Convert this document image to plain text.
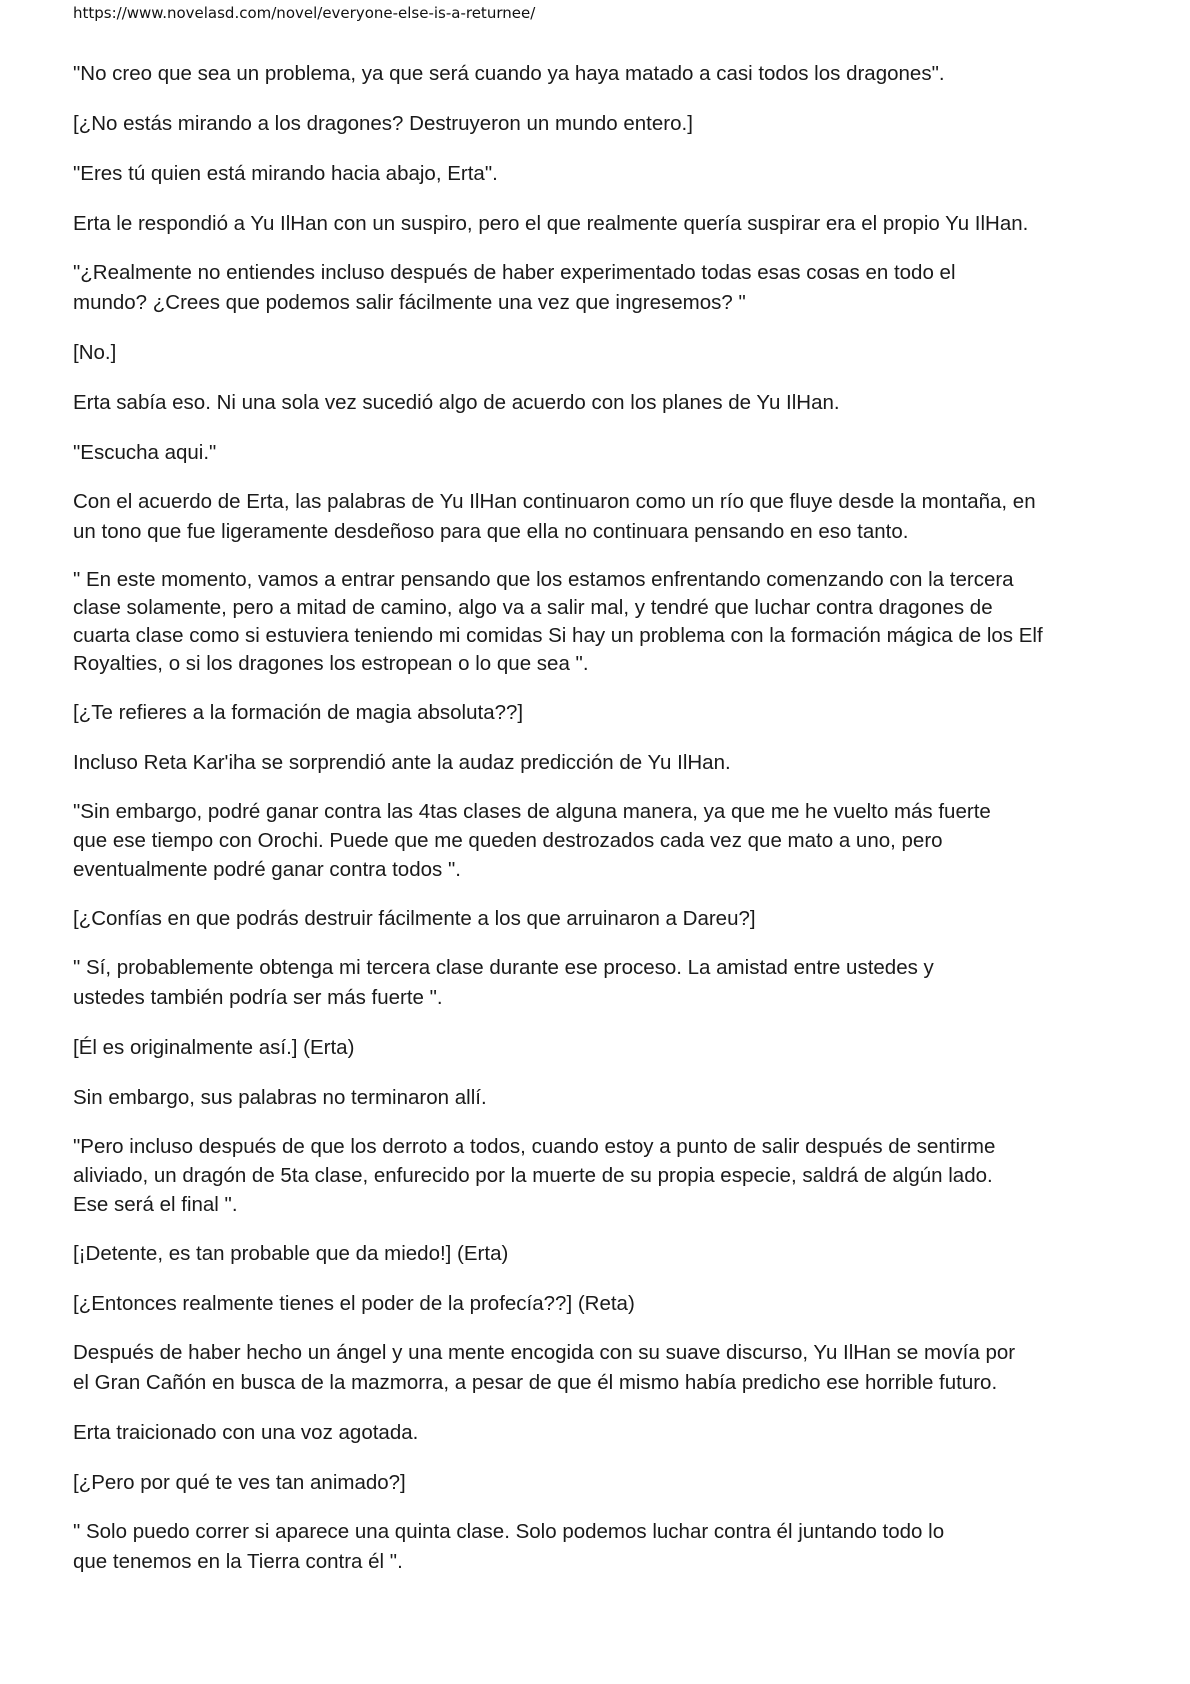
https://www.novelasd.com/novel/everyone-else-is-a-returnee/

"No creo que sea un problema, ya que será cuando ya haya matado a casi todos los dragones".

[¿No estás mirando a los dragones? Destruyeron un mundo entero.]

"Eres tú quien está mirando hacia abajo, Erta".

Erta le respondió a Yu IlHan con un suspiro, pero el que realmente quería suspirar era el propio Yu IlHan.

"¿Realmente no entiendes incluso después de haber experimentado todas esas cosas en todo el
mundo? ¿Crees que podemos salir fácilmente una vez que ingresemos? "

[No.]

Erta sabía eso. Ni una sola vez sucedió algo de acuerdo con los planes de Yu IlHan.

"Escucha aqui."

Con el acuerdo de Erta, las palabras de Yu IlHan continuaron como un río que fluye desde la montaña, en
un tono que fue ligeramente desdeñoso para que ella no continuara pensando en eso tanto.

" En este momento, vamos a entrar pensando que los estamos enfrentando comenzando con la tercera
clase solamente, pero a mitad de camino, algo va a salir mal, y tendré que luchar contra dragones de
cuarta clase como si estuviera teniendo mi comidas Si hay un problema con la formación mágica de los Elf
Royalties, o si los dragones los estropean o lo que sea ".

[¿Te refieres a la formación de magia absoluta??]

Incluso Reta Kar'iha se sorprendió ante la audaz predicción de Yu IlHan.

"Sin embargo, podré ganar contra las 4tas clases de alguna manera, ya que me he vuelto más fuerte
que ese tiempo con Orochi. Puede que me queden destrozados cada vez que mato a uno, pero
eventualmente podré ganar contra todos ".

[¿Confías en que podrás destruir fácilmente a los que arruinaron a Dareu?]

" Sí, probablemente obtenga mi tercera clase durante ese proceso. La amistad entre ustedes y
ustedes también podría ser más fuerte ".

[Él es originalmente así.] (Erta)

Sin embargo, sus palabras no terminaron allí.

"Pero incluso después de que los derroto a todos, cuando estoy a punto de salir después de sentirme
aliviado, un dragón de 5ta clase, enfurecido por la muerte de su propia especie, saldrá de algún lado.
Ese será el final ".

[¡Detente, es tan probable que da miedo!] (Erta)

[¿Entonces realmente tienes el poder de la profecía??] (Reta)

Después de haber hecho un ángel y una mente encogida con su suave discurso, Yu IlHan se movía por
el Gran Cañón en busca de la mazmorra, a pesar de que él mismo había predicho ese horrible futuro.

Erta traicionado con una voz agotada.

[¿Pero por qué te ves tan animado?]

" Solo puedo correr si aparece una quinta clase. Solo podemos luchar contra él juntando todo lo
que tenemos en la Tierra contra él ".
